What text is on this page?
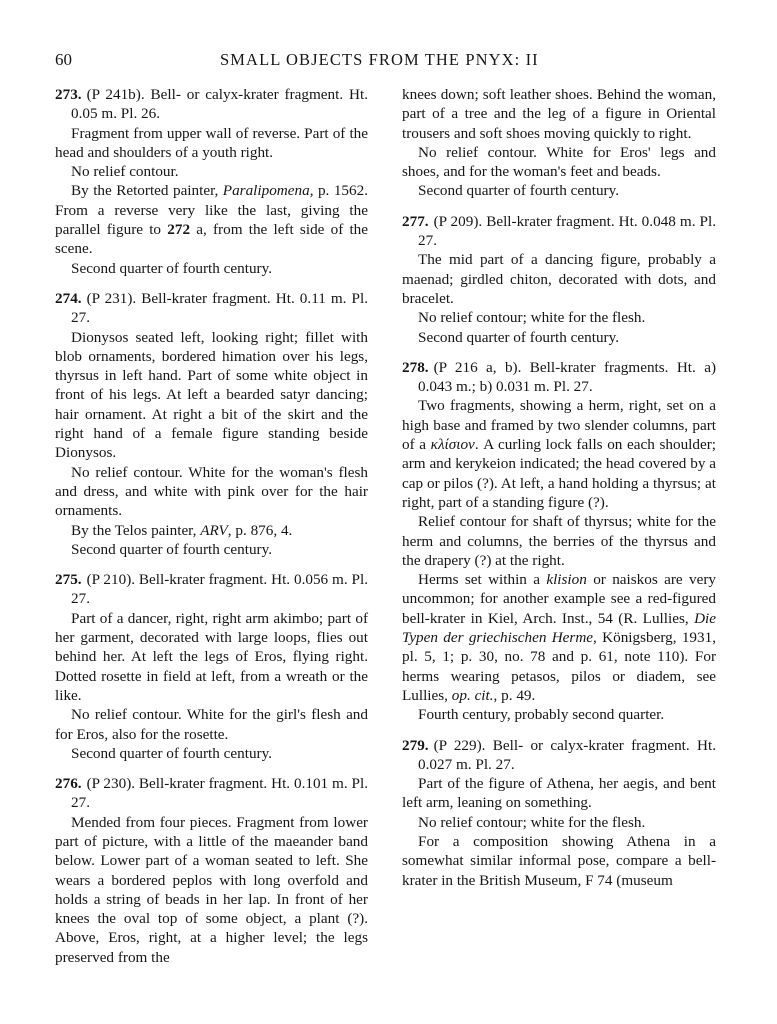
60	SMALL OBJECTS FROM THE PNYX: II

273. (P 241b). Bell- or calyx-krater fragment. Ht. 0.05 m. Pl. 26.

Fragment from upper wall of reverse. Part of the head and shoulders of a youth right.

No relief contour.

By the Retorted painter, Paralipomena, p. 1562. From a reverse very like the last, giving the parallel figure to 272 a, from the left side of the scene.

Second quarter of fourth century.

274. (P 231). Bell-krater fragment. Ht. 0.11 m. Pl. 27.

Dionysos seated left, looking right; fillet with blob ornaments, bordered himation over his legs, thyrsus in left hand. Part of some white object in front of his legs. At left a bearded satyr dancing; hair ornament. At right a bit of the skirt and the right hand of a female figure standing beside Dionysos.

No relief contour. White for the woman's flesh and dress, and white with pink over for the hair ornaments.

By the Telos painter, ARV, p. 876, 4.

Second quarter of fourth century.

275. (P 210). Bell-krater fragment. Ht. 0.056 m. Pl. 27.

Part of a dancer, right, right arm akimbo; part of her garment, decorated with large loops, flies out behind her. At left the legs of Eros, flying right. Dotted rosette in field at left, from a wreath or the like.

No relief contour. White for the girl's flesh and for Eros, also for the rosette.

Second quarter of fourth century.

276. (P 230). Bell-krater fragment. Ht. 0.101 m. Pl. 27.

Mended from four pieces. Fragment from lower part of picture, with a little of the maeander band below. Lower part of a woman seated to left. She wears a bordered peplos with long overfold and holds a string of beads in her lap. In front of her knees the oval top of some object, a plant (?). Above, Eros, right, at a higher level; the legs preserved from the

knees down; soft leather shoes. Behind the woman, part of a tree and the leg of a figure in Oriental trousers and soft shoes moving quickly to right.

No relief contour. White for Eros' legs and shoes, and for the woman's feet and beads.

Second quarter of fourth century.

277. (P 209). Bell-krater fragment. Ht. 0.048 m. Pl. 27.

The mid part of a dancing figure, probably a maenad; girdled chiton, decorated with dots, and bracelet.

No relief contour; white for the flesh.

Second quarter of fourth century.

278. (P 216 a, b). Bell-krater fragments. Ht. a) 0.043 m.; b) 0.031 m. Pl. 27.

Two fragments, showing a herm, right, set on a high base and framed by two slender columns, part of a κλίσιον. A curling lock falls on each shoulder; arm and kerykeion indicated; the head covered by a cap or pilos (?). At left, a hand holding a thyrsus; at right, part of a standing figure (?).

Relief contour for shaft of thyrsus; white for the herm and columns, the berries of the thyrsus and the drapery (?) at the right.

Herms set within a klision or naiskos are very uncommon; for another example see a red-figured bell-krater in Kiel, Arch. Inst., 54 (R. Lullies, Die Typen der griechischen Herme, Königsberg, 1931, pl. 5, 1; p. 30, no. 78 and p. 61, note 110). For herms wearing petasos, pilos or diadem, see Lullies, op. cit., p. 49.

Fourth century, probably second quarter.

279. (P 229). Bell- or calyx-krater fragment. Ht. 0.027 m. Pl. 27.

Part of the figure of Athena, her aegis, and bent left arm, leaning on something.

No relief contour; white for the flesh.

For a composition showing Athena in a somewhat similar informal pose, compare a bell-krater in the British Museum, F 74 (museum
